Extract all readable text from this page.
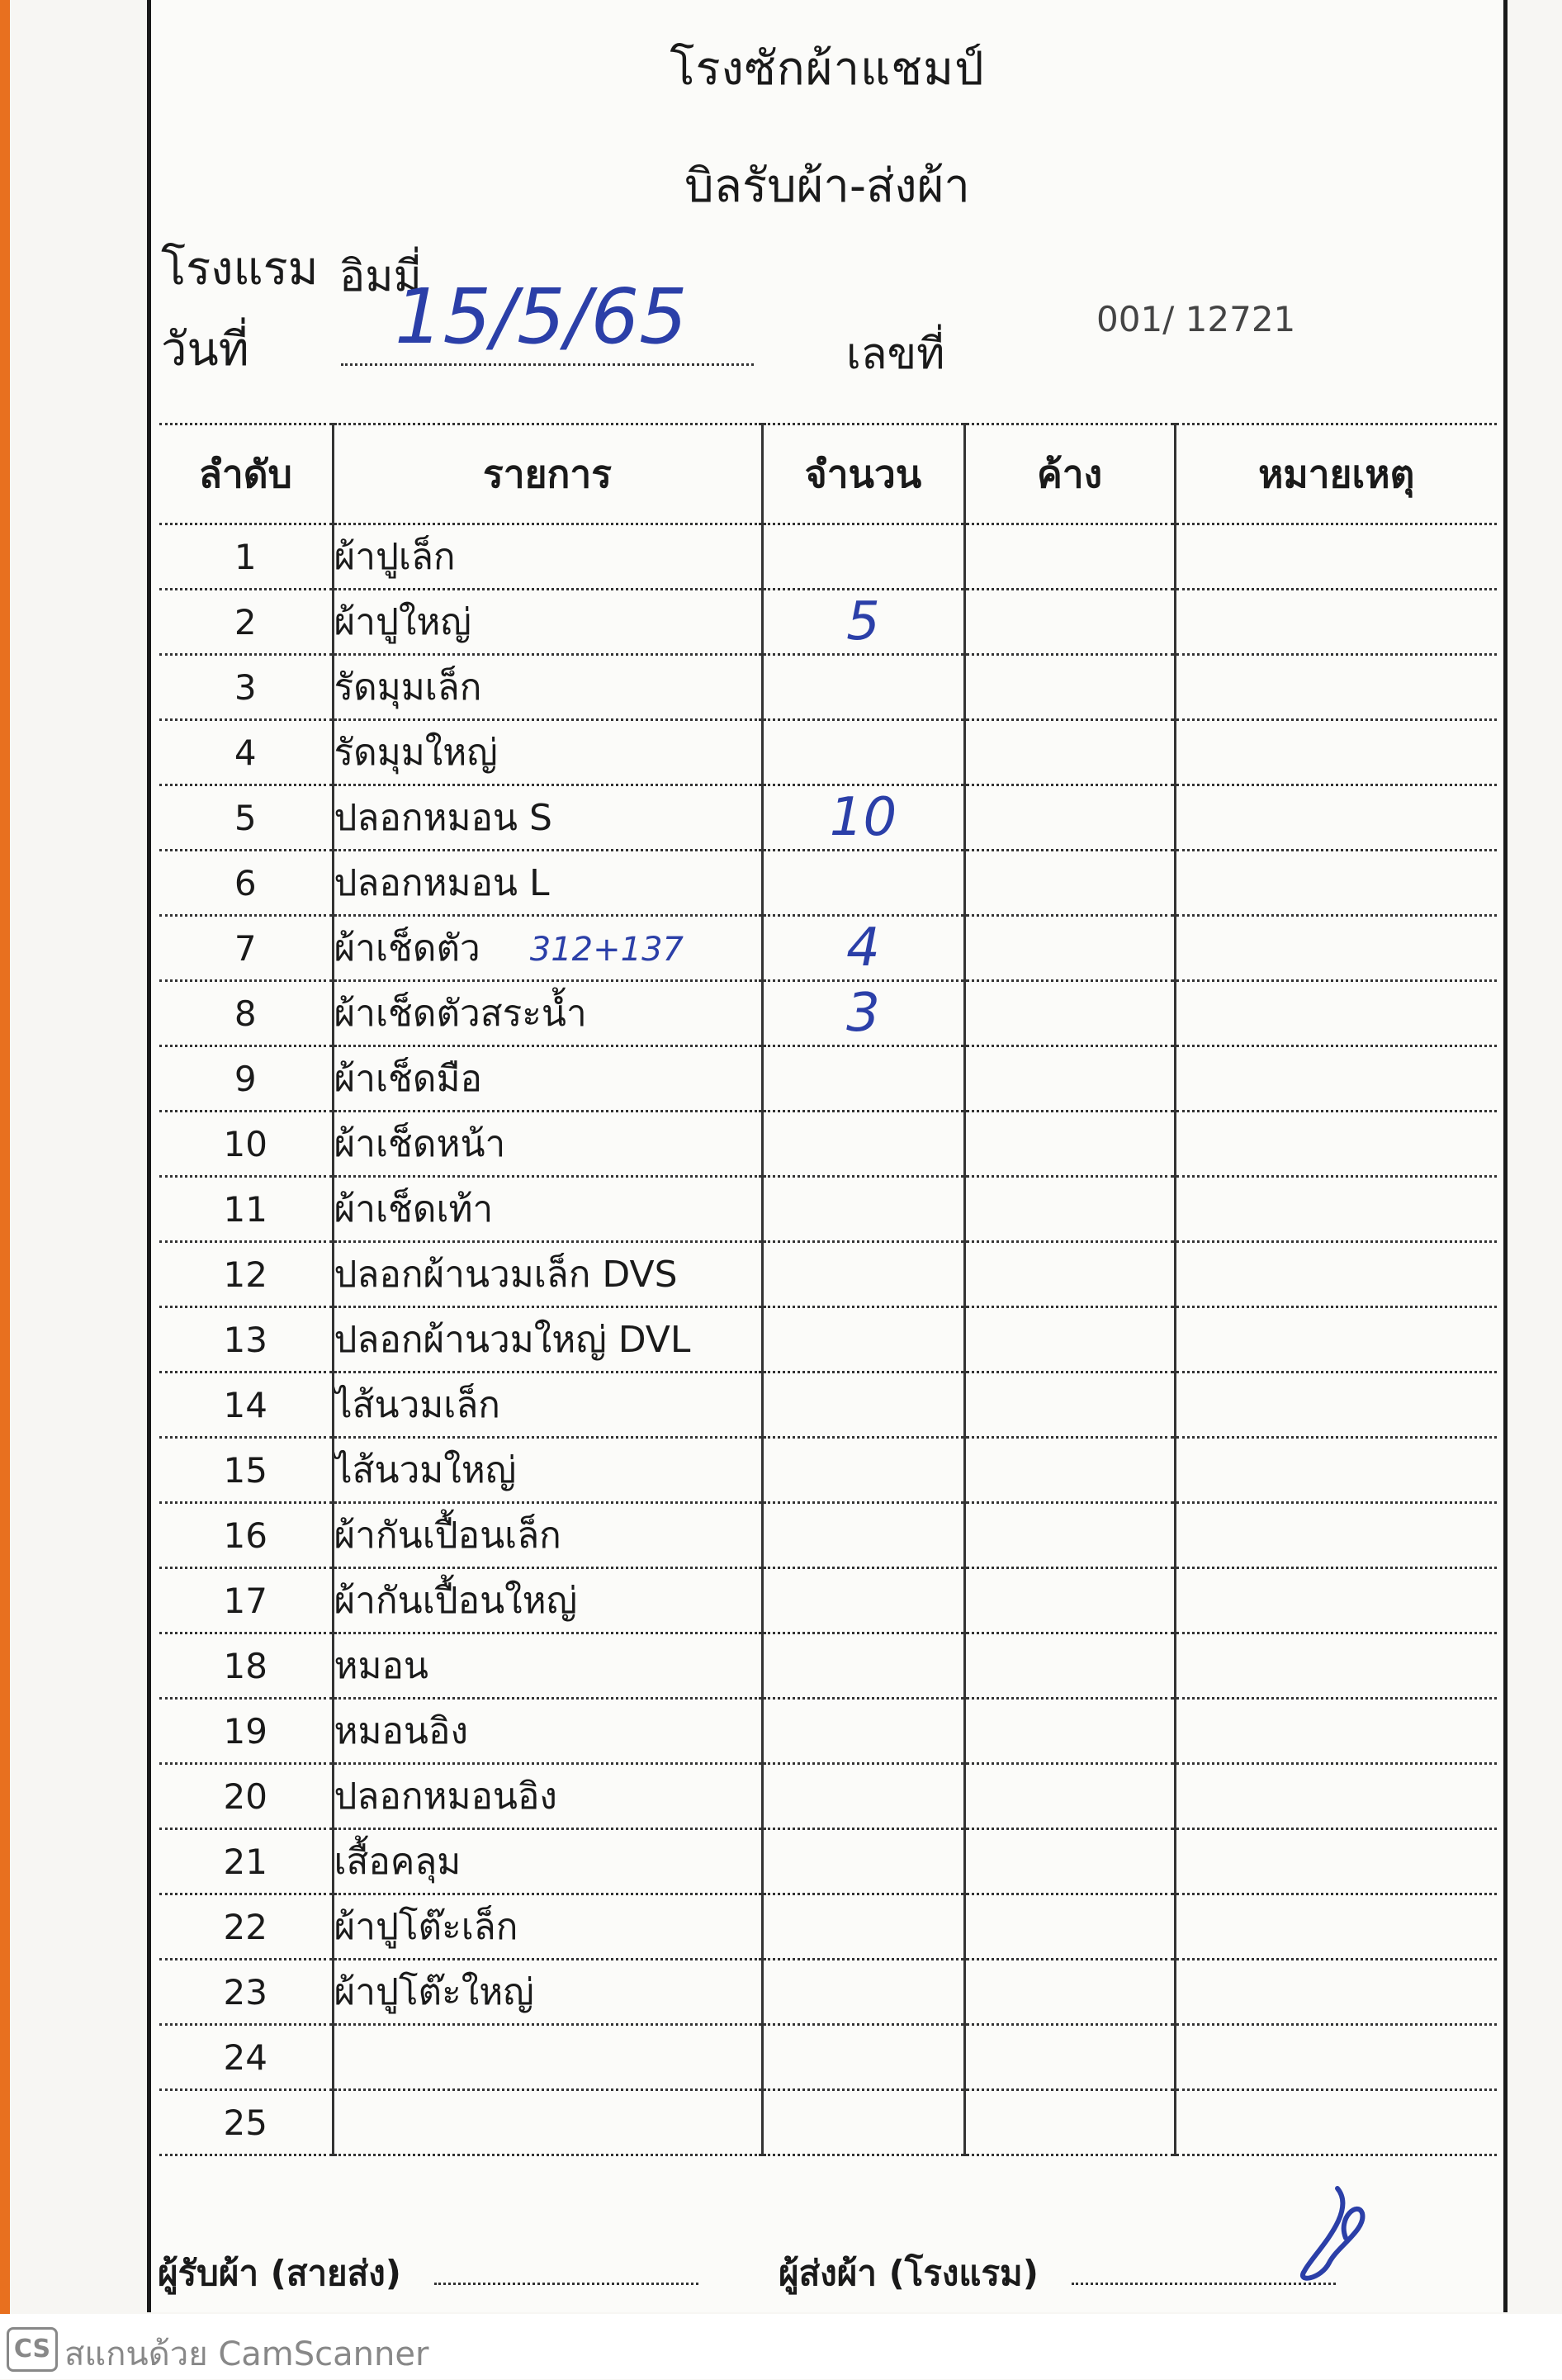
โรงซักผ้าแชมป์
บิลรับผ้า-ส่งผ้า
โรงแรม อิมมี่
วันที่ 15/5/65	เลขที่
001/ 12721
ลำดับ	รายการ	จำนวน	ค้าง	หมายเหตุ
1	ผ้าปูเล็ก			
2	ผ้าปูใหญ่	5		
3	รัดมุมเล็ก			
4	รัดมุมใหญ่			
5	ปลอกหมอน S	10		
6	ปลอกหมอน L			
7	ผ้าเช็ดตัว 312+137	4		
8	ผ้าเช็ดตัวสระน้ำ	3		
9	ผ้าเช็ดมือ			
10	ผ้าเช็ดหน้า			
11	ผ้าเช็ดเท้า			
12	ปลอกผ้านวมเล็ก DVS			
13	ปลอกผ้านวมใหญ่ DVL			
14	ไส้นวมเล็ก			
15	ไส้นวมใหญ่			
16	ผ้ากันเปื้อนเล็ก			
17	ผ้ากันเปื้อนใหญ่			
18	หมอน			
19	หมอนอิง			
20	ปลอกหมอนอิง			
21	เสื้อคลุม			
22	ผ้าปูโต๊ะเล็ก			
23	ผ้าปูโต๊ะใหญ่			
24				
25				
ผู้รับผ้า (สายส่ง)	ผู้ส่งผ้า (โรงแรม)
CS สแกนด้วย CamScanner
